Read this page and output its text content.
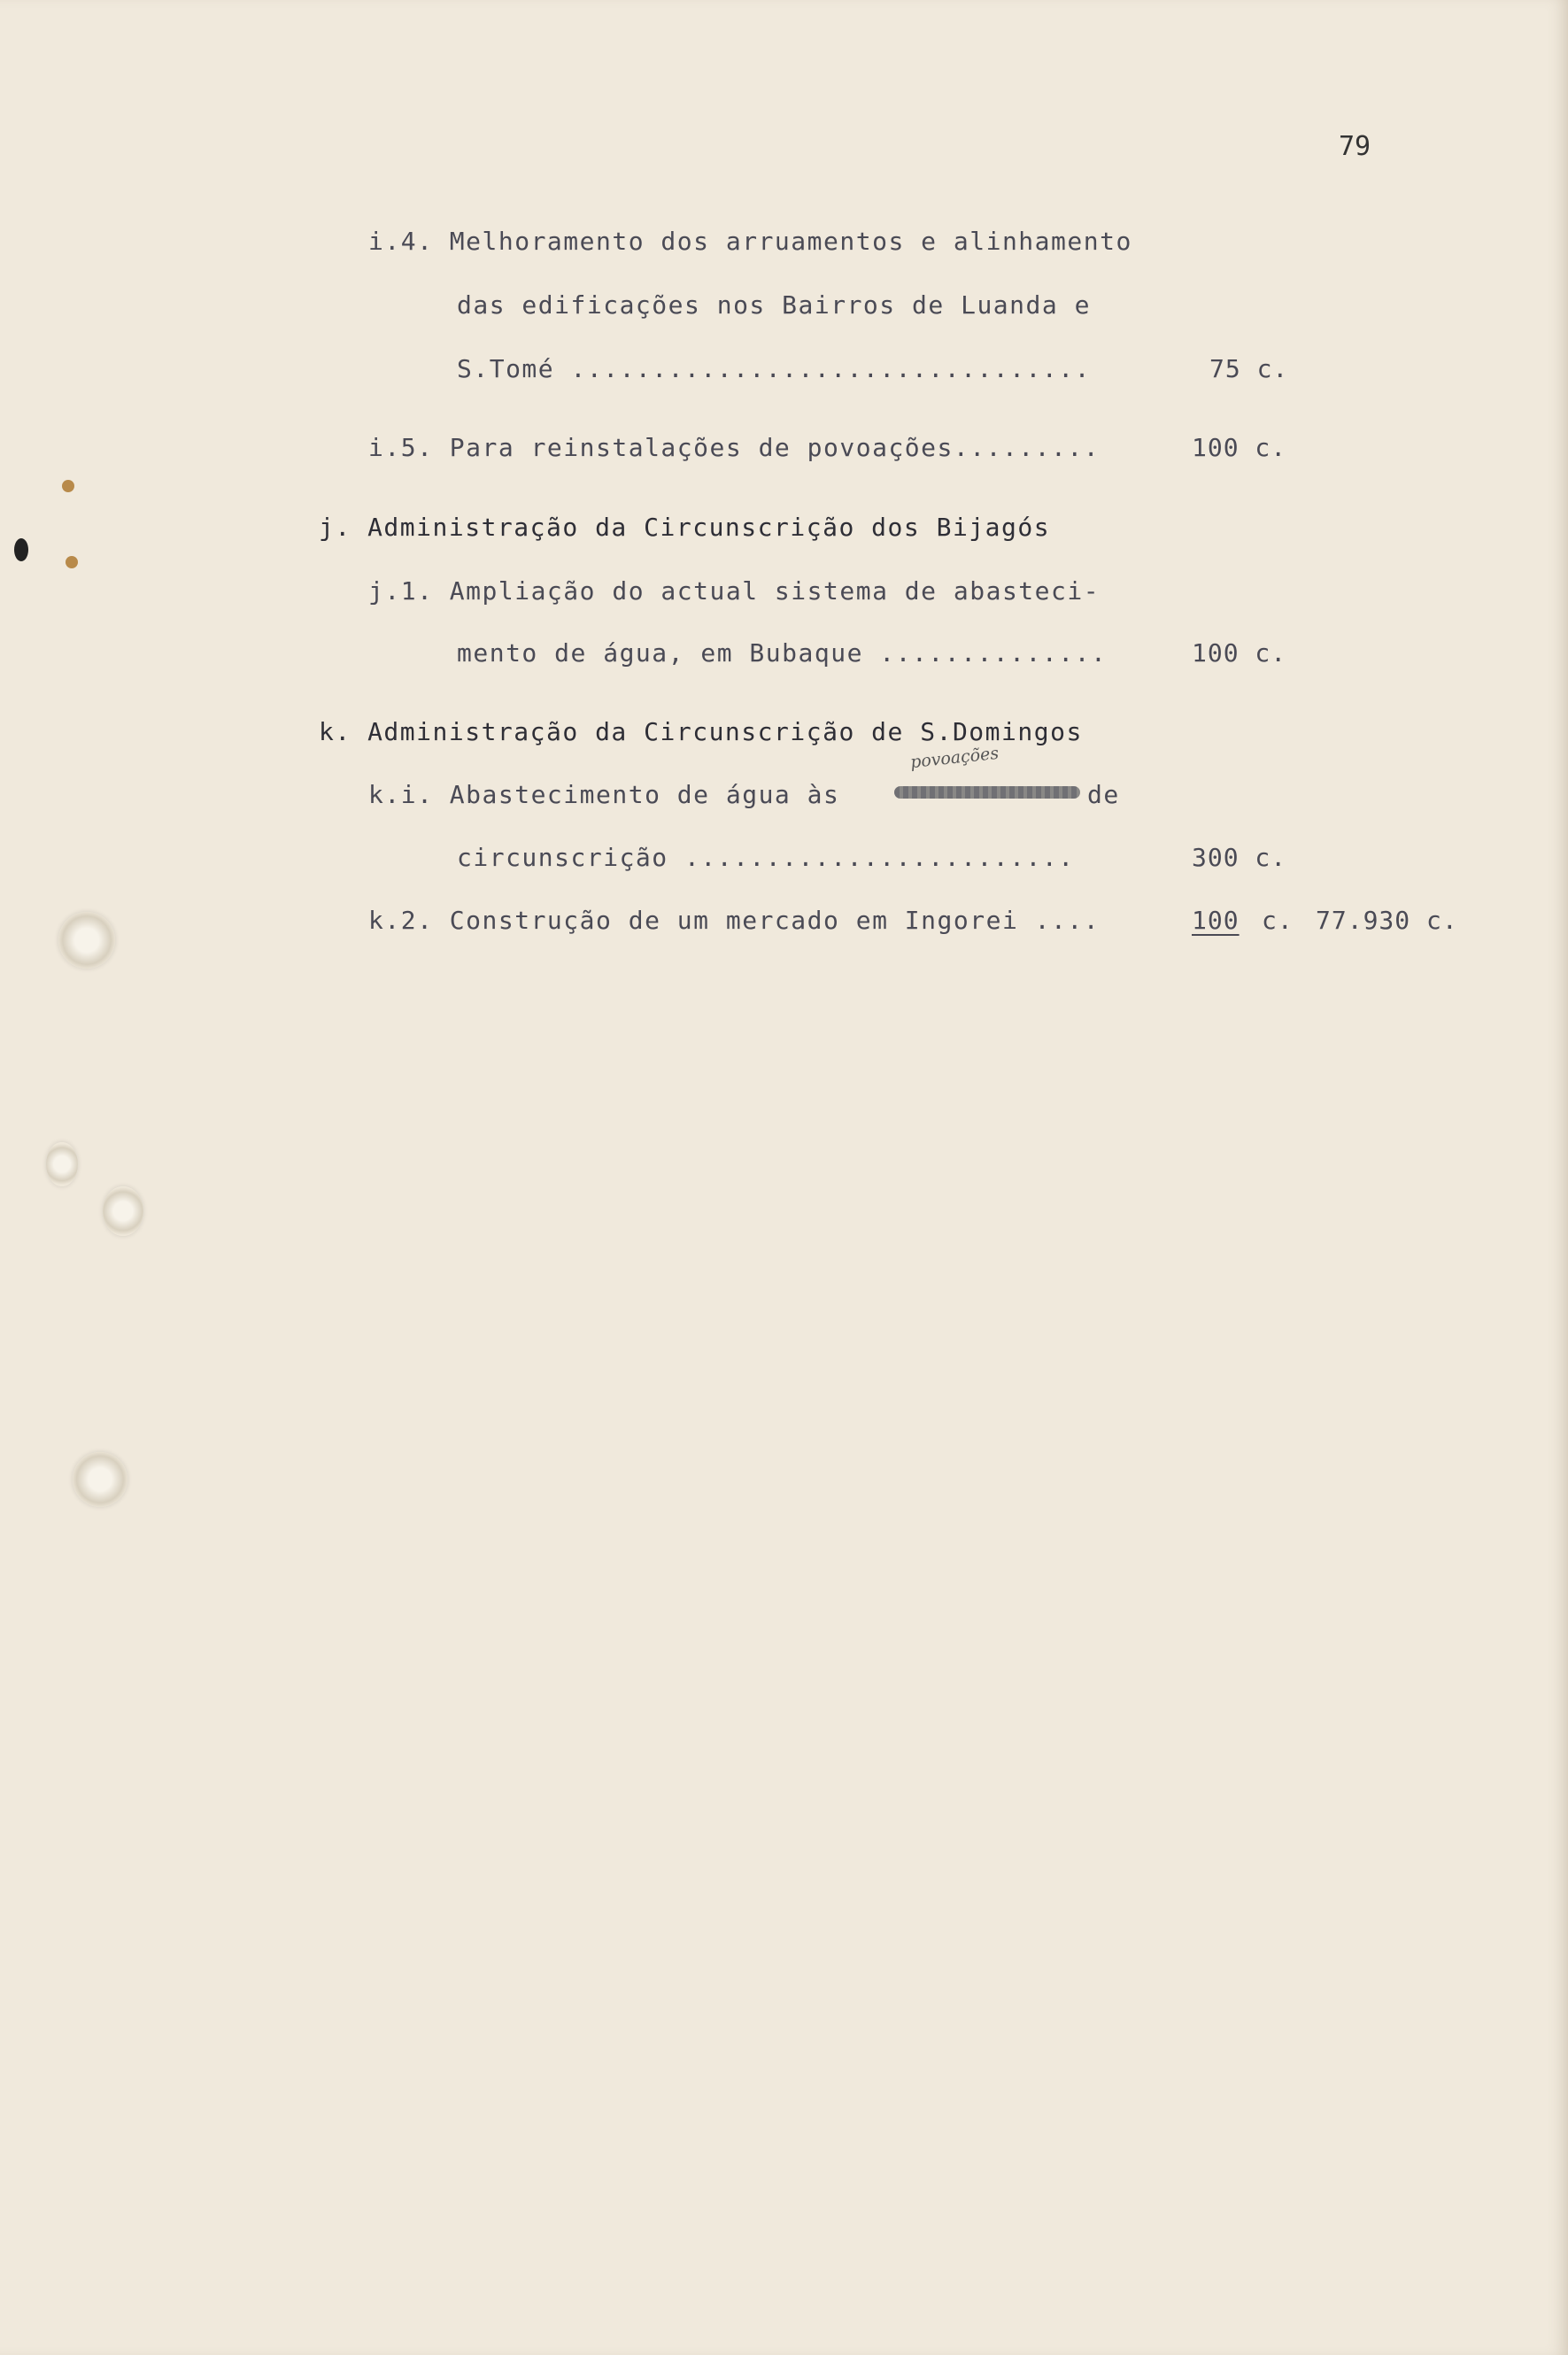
79
i.4. Melhoramento dos arruamentos e alinhamento
das edificações nos Bairros de Luanda e
S.Tomé ................................	75 c.
i.5. Para reinstalações de povoações.........	100 c.
j. Administração da Circunscrição dos Bijagós
j.1. Ampliação do actual sistema de abasteci-
mento de água, em Bubaque ..............	100 c.
k. Administração da Circunscrição de S.Domingos
k.i. Abastecimento de água às
povoações
de
circunscrição ........................	300 c.
k.2. Construção de um mercado em Ingorei ....	100 c. 77.930 c.
